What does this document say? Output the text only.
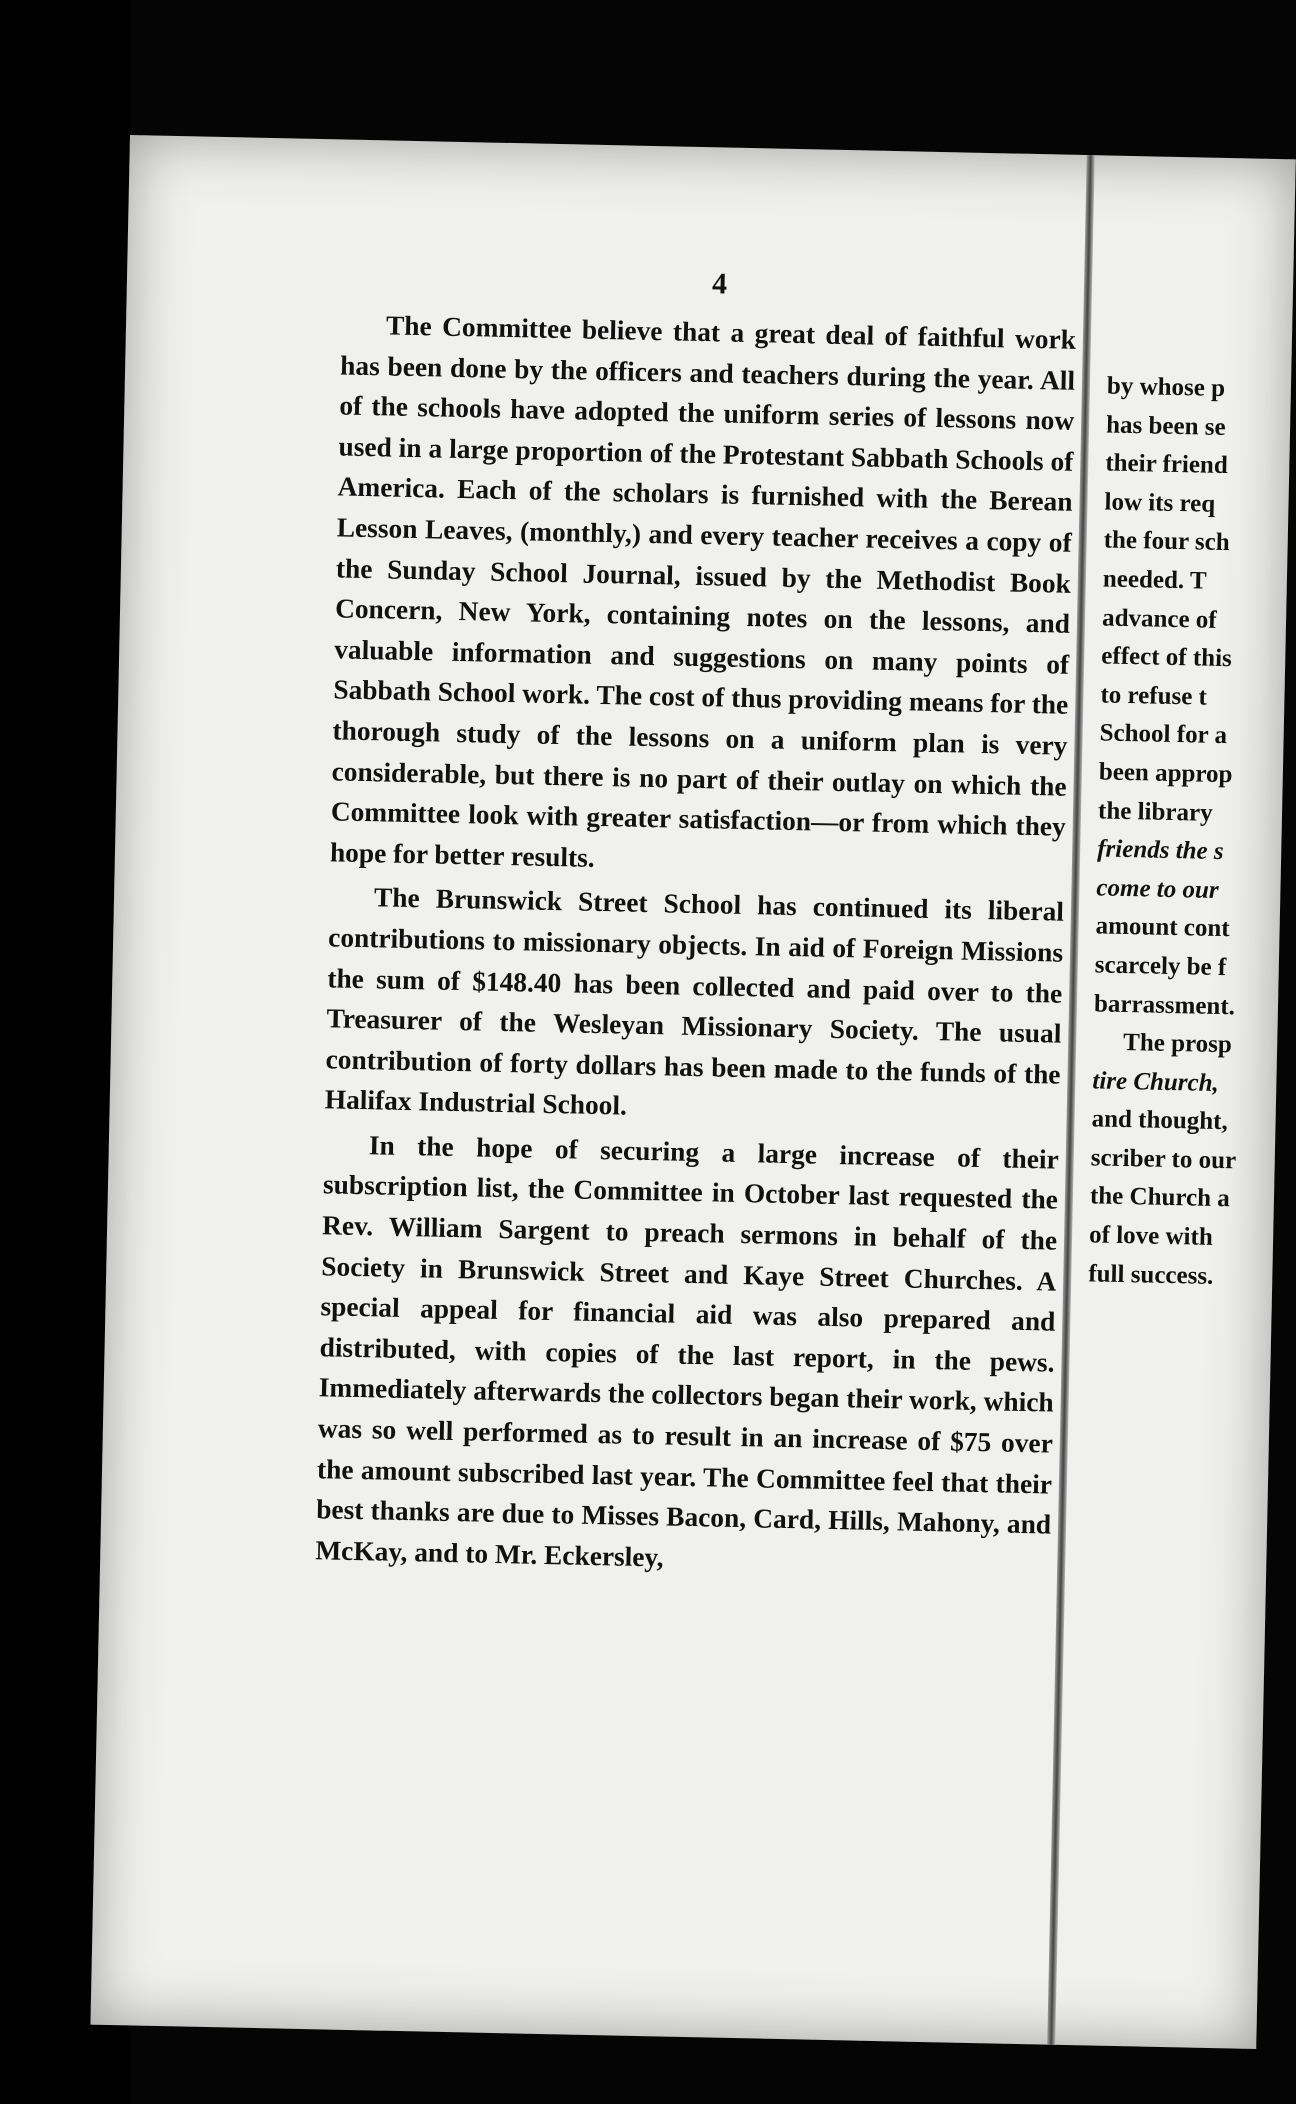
4

The Committee believe that a great deal of faithful work has been done by the officers and teachers during the year. All of the schools have adopted the uniform series of lessons now used in a large proportion of the Protestant Sabbath Schools of America. Each of the scholars is furnished with the Berean Lesson Leaves, (monthly,) and every teacher receives a copy of the Sunday School Journal, issued by the Methodist Book Concern, New York, containing notes on the lessons, and valuable information and suggestions on many points of Sabbath School work. The cost of thus providing means for the thorough study of the lessons on a uniform plan is very considerable, but there is no part of their outlay on which the Committee look with greater satisfaction—or from which they hope for better results.

The Brunswick Street School has continued its liberal contributions to missionary objects. In aid of Foreign Missions the sum of $148.40 has been collected and paid over to the Treasurer of the Wesleyan Missionary Society. The usual contribution of forty dollars has been made to the funds of the Halifax Industrial School.

In the hope of securing a large increase of their subscription list, the Committee in October last requested the Rev. William Sargent to preach sermons in behalf of the Society in Brunswick Street and Kaye Street Churches. A special appeal for financial aid was also prepared and distributed, with copies of the last report, in the pews. Immediately afterwards the collectors began their work, which was so well performed as to result in an increase of $75 over the amount subscribed last year. The Committee feel that their best thanks are due to Misses Bacon, Card, Hills, Mahony, and McKay, and to Mr. Eckersley,

by whose p
has been se
their friend
low its req
the four sch
needed. T
advance of
effect of this
to refuse t
School for a
been approp
the library
friends the s
come to our
amount cont
scarcely be f
barrassment.
The prosp
tire Church,
and thought,
scriber to our
the Church a
of love with
full success.
